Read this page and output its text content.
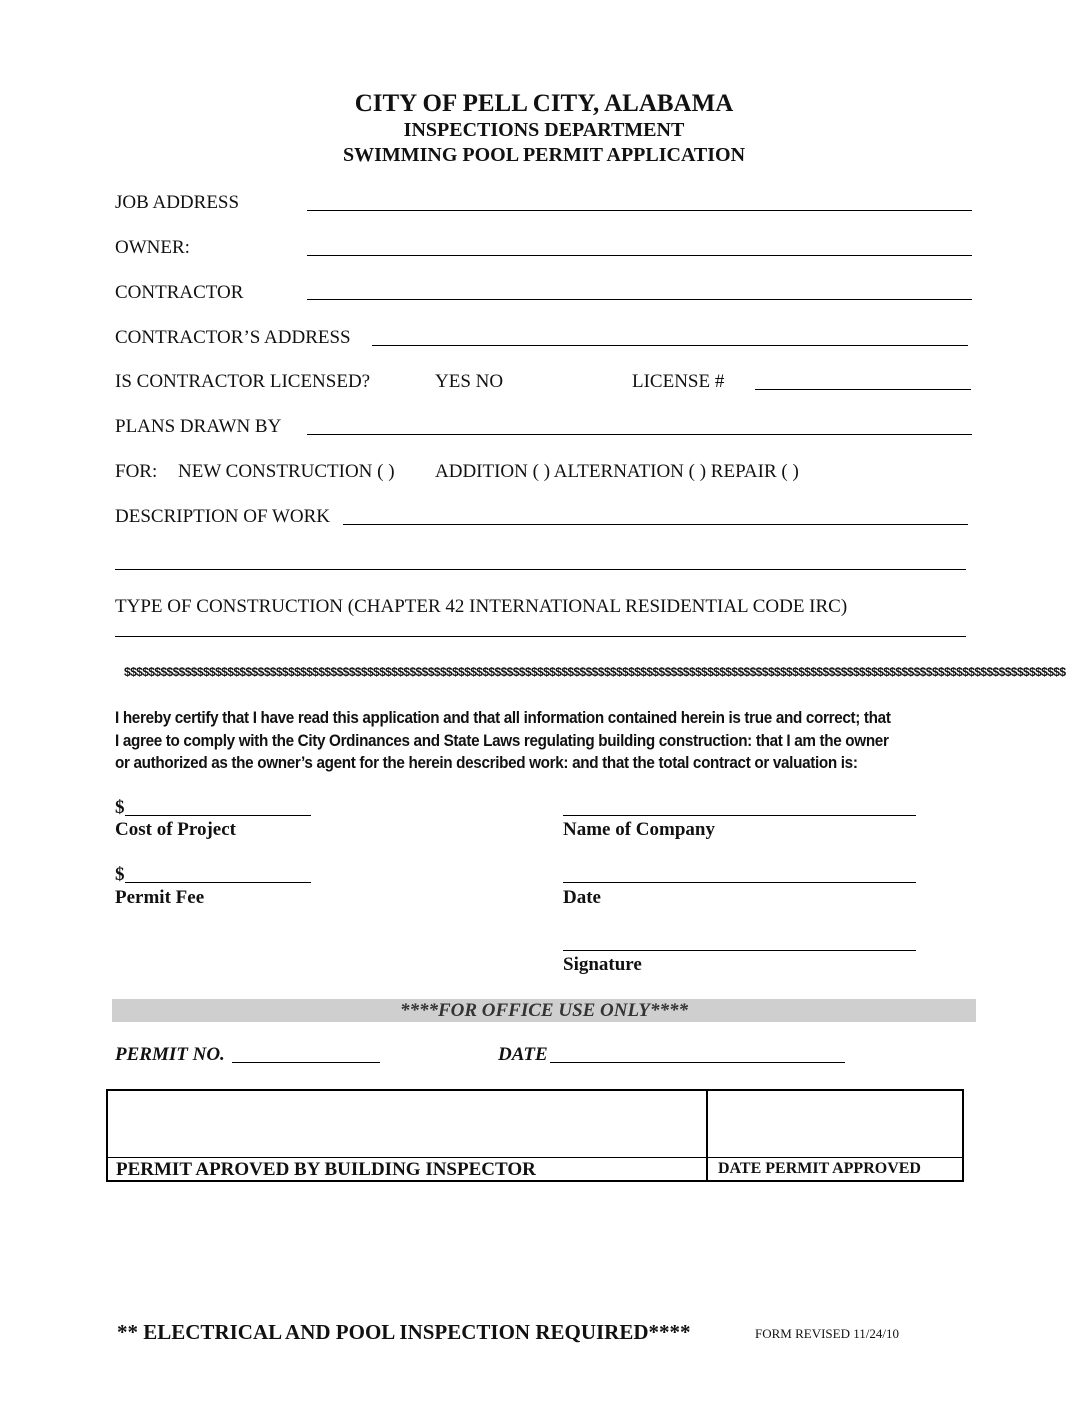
CITY OF PELL CITY, ALABAMA
INSPECTIONS DEPARTMENT
SWIMMING POOL PERMIT APPLICATION
JOB ADDRESS
OWNER:
CONTRACTOR
CONTRACTOR’S ADDRESS
IS CONTRACTOR LICENSED?	YES NO	LICENSE #
PLANS DRAWN BY
FOR: NEW CONSTRUCTION ( ) ADDITION ( ) ALTERNATION ( ) REPAIR ( )
DESCRIPTION OF WORK
TYPE OF CONSTRUCTION (CHAPTER 42 INTERNATIONAL RESIDENTIAL CODE IRC)
$$$$$$$$$$$$$$$$$$$$$$$$$$$$$$$$$$$$$$$$$$$$$$$$$$$$$$$$$$$$$$$$$$$$$$$$$$$$$$$$$$$$$$$$$$$$$$$$$$$$$$$$$$$$$$$$$$$$$$$$$$$$$$$$$$$$$$$$$$$$$$$$$$$$$$$$$$$
I hereby certify that I have read this application and that all information contained herein is true and correct; that
I agree to comply with the City Ordinances and State Laws regulating building construction: that I am the owner
or authorized as the owner’s agent for the herein described work: and that the total contract or valuation is:
$
Cost of Project	Name of Company
$
Permit Fee	Date
Signature
****FOR OFFICE USE ONLY****
PERMIT NO.	DATE
PERMIT APROVED BY BUILDING INSPECTOR	DATE PERMIT APPROVED
** ELECTRICAL AND POOL INSPECTION REQUIRED****	FORM REVISED 11/24/10
